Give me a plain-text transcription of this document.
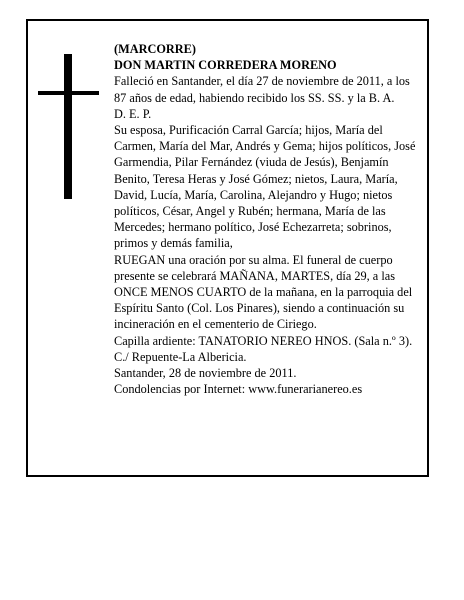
(MARCORRE)

DON MARTIN CORREDERA MORENO

Falleció en Santander, el día 27 de noviembre de 2011, a los 87 años de edad, habiendo recibido los SS. SS. y la B. A.

D. E. P.

Su esposa, Purificación Carral García; hijos, María del Carmen, María del Mar, Andrés y Gema; hijos políticos, José Garmendia, Pilar Fernández (viuda de Jesús), Benjamín Benito, Teresa Heras y José Gómez; nietos, Laura, María, David, Lucía, María, Carolina, Alejandro y Hugo; nietos políticos, César, Angel y Rubén; hermana, María de las Mercedes; hermano político, José Echezarreta; sobrinos, primos y demás familia,

RUEGAN una oración por su alma. El funeral de cuerpo presente se celebrará MAÑANA, MARTES, día 29, a las ONCE MENOS CUARTO de la mañana, en la parroquia del Espíritu Santo (Col. Los Pinares), siendo a continuación su incineración en el cementerio de Ciriego.

Capilla ardiente: TANATORIO NEREO HNOS. (Sala n.º 3). C./ Repuente-La Albericia.

Santander, 28 de noviembre de 2011.

Condolencias por Internet: www.funerarianereo.es
